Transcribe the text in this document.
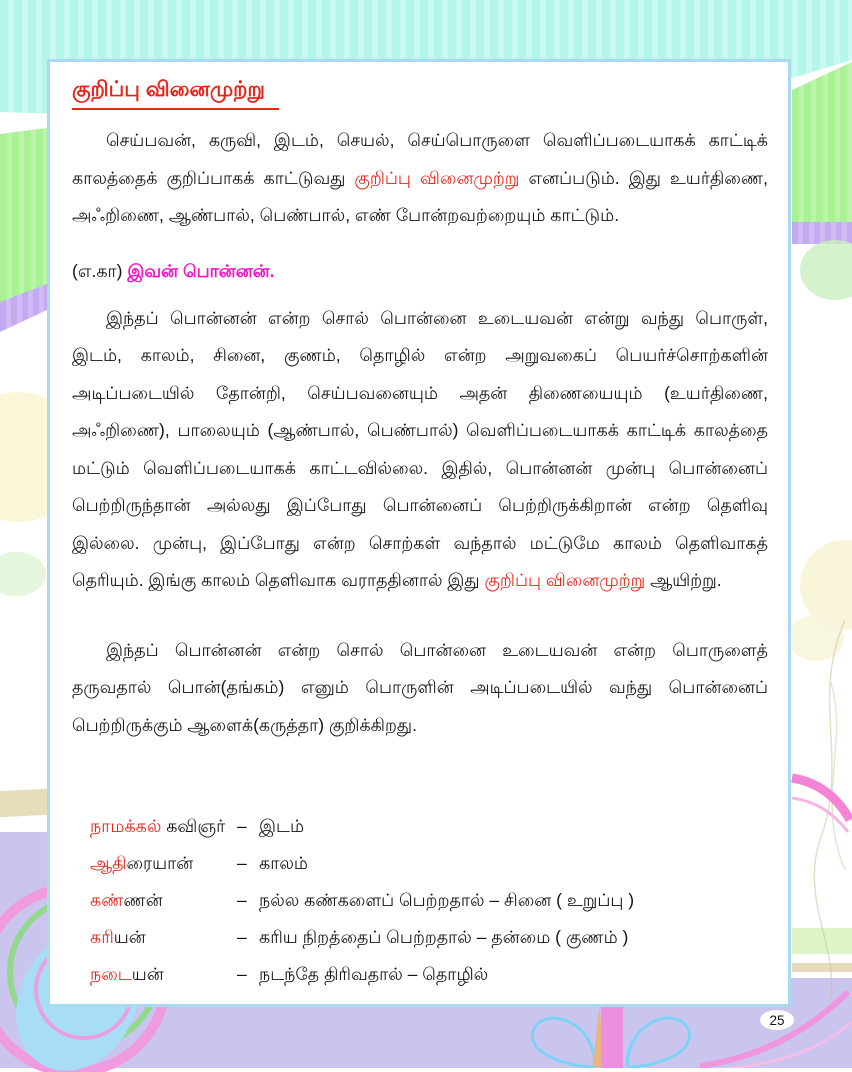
குறிப்பு வினைமுற்று
செய்பவன், கருவி, இடம், செயல், செய்பொருளை வெளிப்படையாகக் காட்டிக் காலத்தைக் குறிப்பாகக் காட்டுவது குறிப்பு வினைமுற்று எனப்படும். இது உயர்திணை, அஃறிணை, ஆண்பால், பெண்பால், எண் போன்றவற்றையும் காட்டும்.
(எ.கா) இவன் பொன்னன்.
இந்தப் பொன்னன் என்ற சொல் பொன்னை உடையவன் என்று வந்து பொருள், இடம், காலம், சினை, குணம், தொழில் என்ற அறுவகைப் பெயர்ச்சொற்களின் அடிப்படையில் தோன்றி, செய்பவனையும் அதன் திணையையும் (உயர்திணை, அஃறிணை), பாலையும் (ஆண்பால், பெண்பால்) வெளிப்படையாகக் காட்டிக் காலத்தை மட்டும் வெளிப்படையாகக் காட்டவில்லை. இதில், பொன்னன் முன்பு பொன்னைப் பெற்றிருந்தான் அல்லது இப்போது பொன்னைப் பெற்றிருக்கிறான் என்ற தெளிவு இல்லை. முன்பு, இப்போது என்ற சொற்கள் வந்தால் மட்டுமே காலம் தெளிவாகத் தெரியும். இங்கு காலம் தெளிவாக வராததினால் இது குறிப்பு வினைமுற்று ஆயிற்று.
இந்தப் பொன்னன் என்ற சொல் பொன்னை உடையவன் என்ற பொருளைத் தருவதால் பொன்(தங்கம்) எனும் பொருளின் அடிப்படையில் வந்து பொன்னைப் பெற்றிருக்கும் ஆளைக்(கருத்தா) குறிக்கிறது.
நாமக்கல் கவிஞர் – இடம்
ஆதிரையான்	– காலம்
கண்ணன்	– நல்ல கண்களைப் பெற்றதால் – சினை ( உறுப்பு )
கரியன்	– கரிய நிறத்தைப் பெற்றதால் – தன்மை ( குணம் )
நடையன்	– நடந்தே திரிவதால் – தொழில்
25
